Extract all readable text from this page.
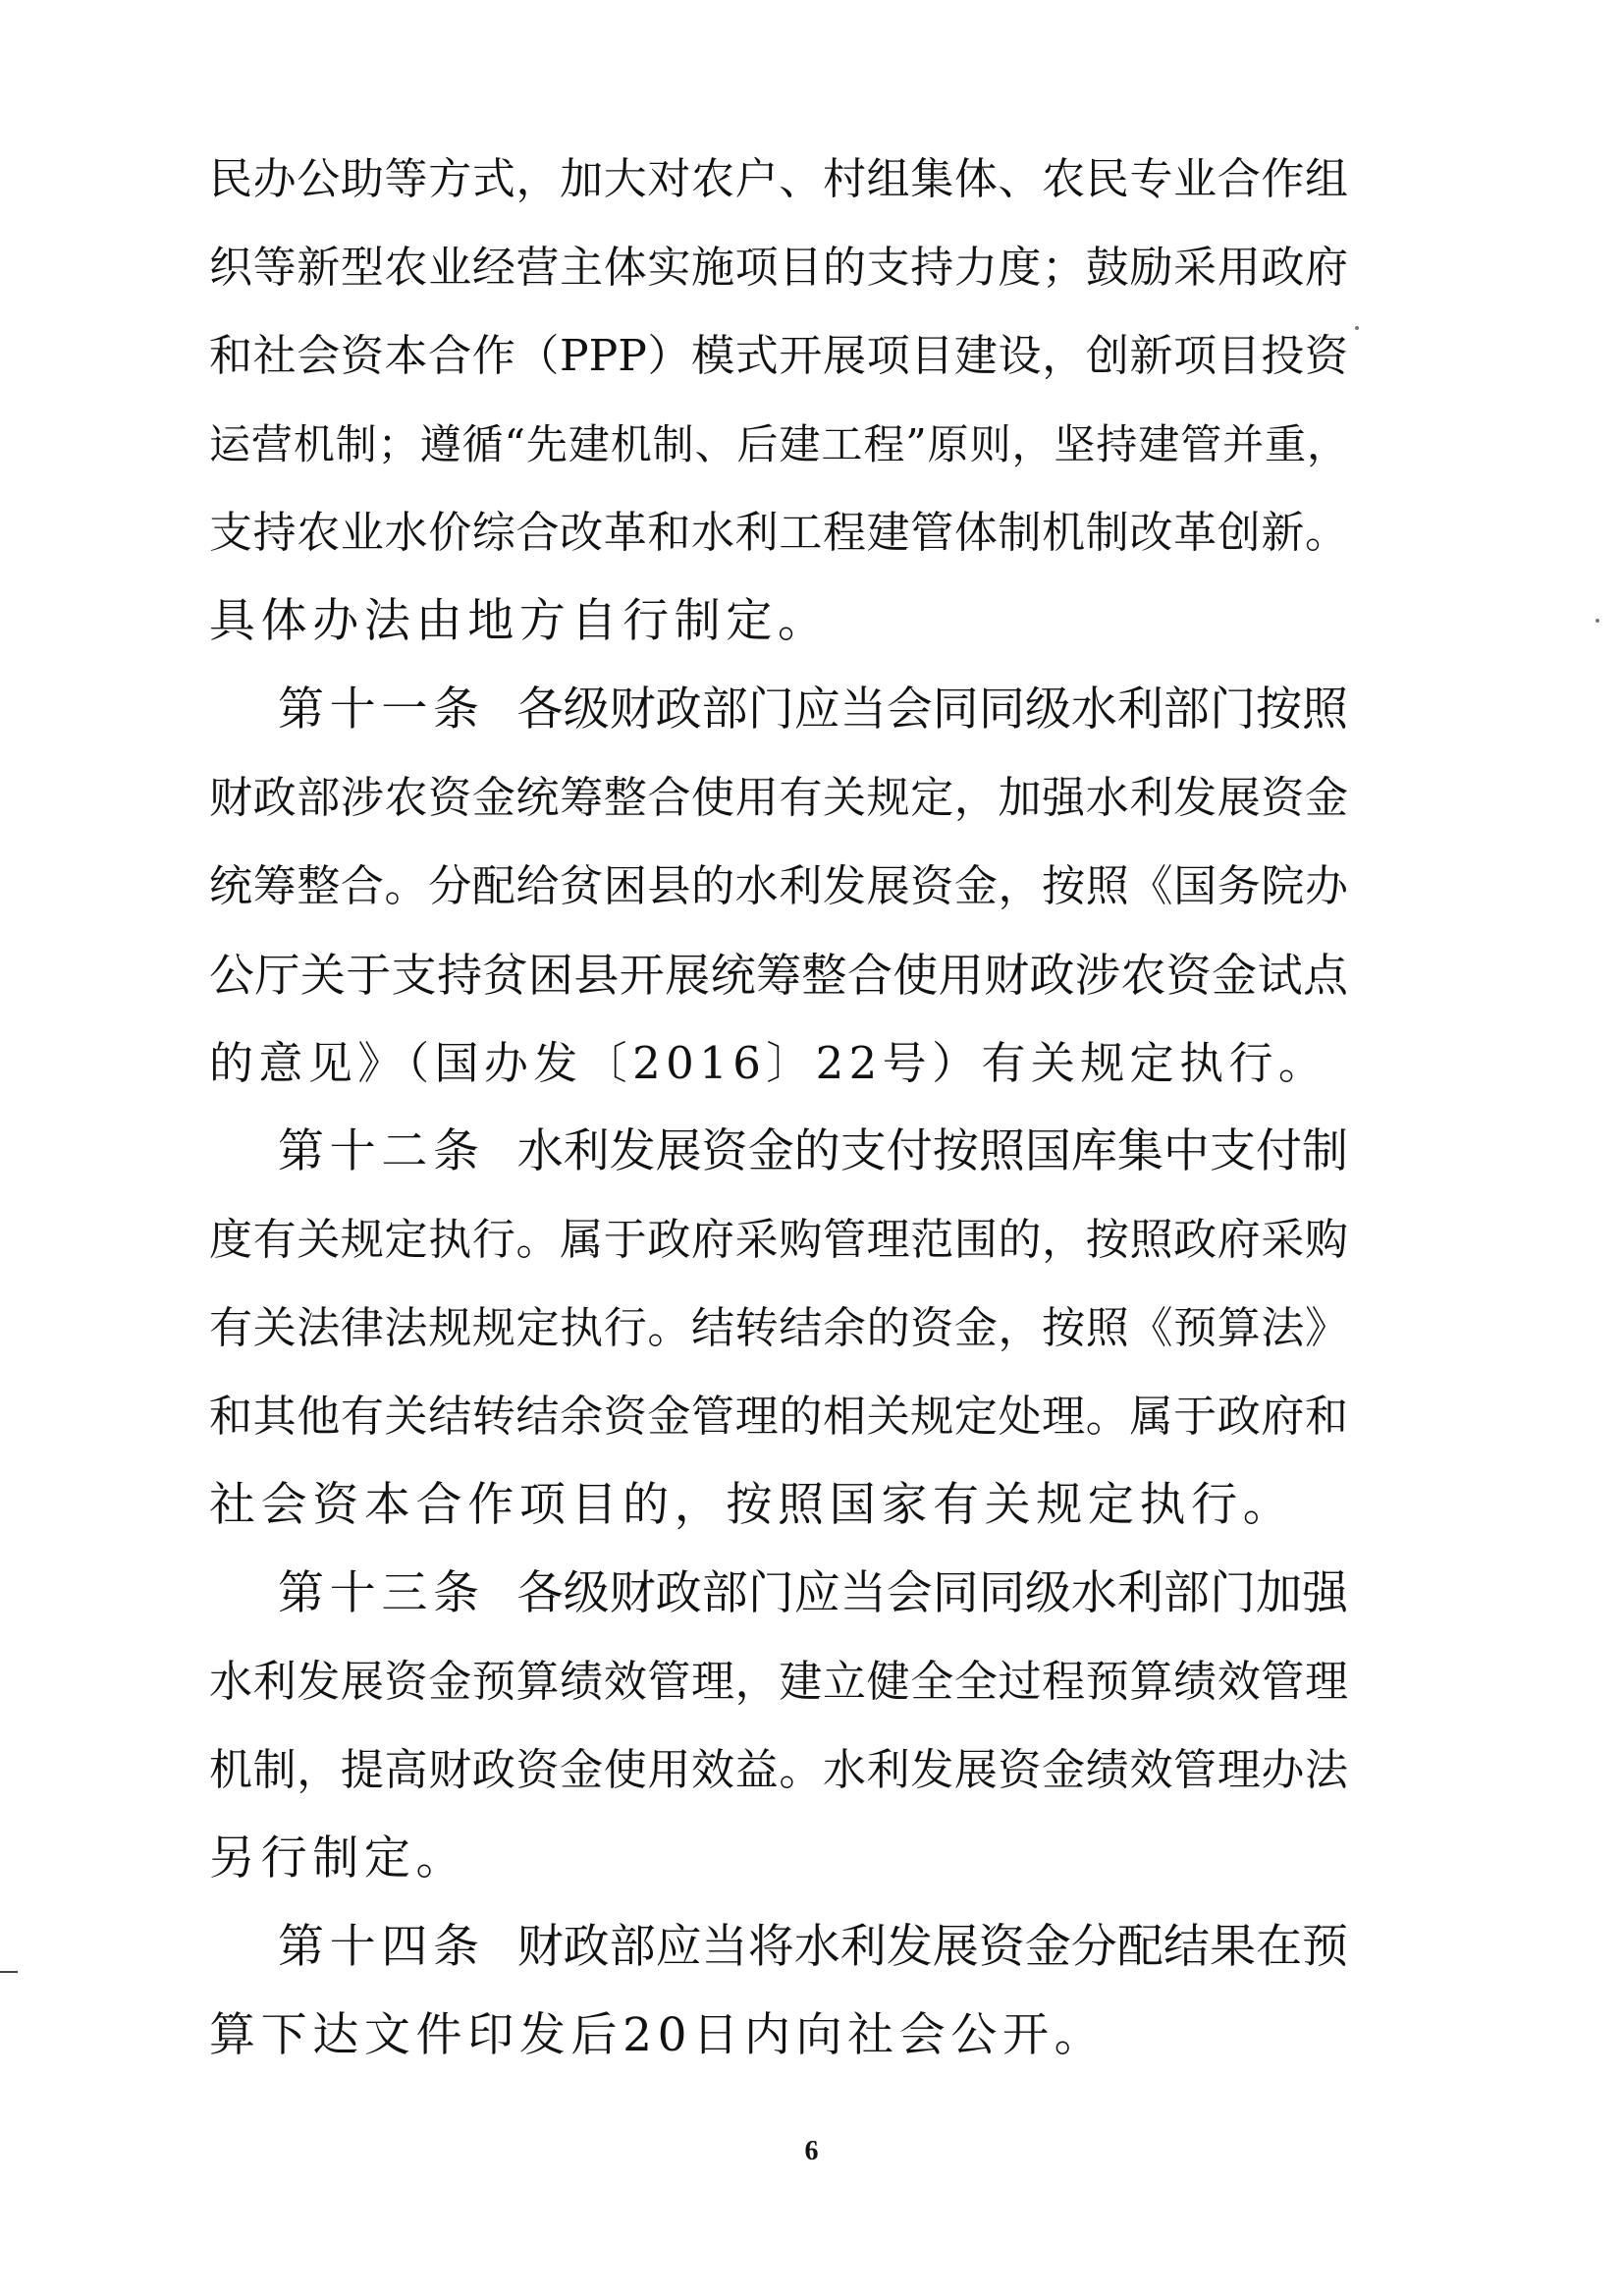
民办公助等方式，加大对农户、村组集体、农民专业合作组
织等新型农业经营主体实施项目的支持力度；鼓励采用政府
和社会资本合作（PPP）模式开展项目建设，创新项目投资
运营机制；遵循“先建机制、后建工程”原则，坚持建管并重，
支持农业水价综合改革和水利工程建管体制机制改革创新。
具体办法由地方自行制定。
第十一条 各级财政部门应当会同同级水利部门按照
财政部涉农资金统筹整合使用有关规定，加强水利发展资金
统筹整合。分配给贫困县的水利发展资金，按照《国务院办
公厅关于支持贫困县开展统筹整合使用财政涉农资金试点
的意见》（国办发〔2016〕22号）有关规定执行。
第十二条 水利发展资金的支付按照国库集中支付制
度有关规定执行。属于政府采购管理范围的，按照政府采购
有关法律法规规定执行。结转结余的资金，按照《预算法》
和其他有关结转结余资金管理的相关规定处理。属于政府和
社会资本合作项目的，按照国家有关规定执行。
第十三条 各级财政部门应当会同同级水利部门加强
水利发展资金预算绩效管理，建立健全全过程预算绩效管理
机制，提高财政资金使用效益。水利发展资金绩效管理办法
另行制定。
第十四条 财政部应当将水利发展资金分配结果在预
算下达文件印发后20日内向社会公开。
6
